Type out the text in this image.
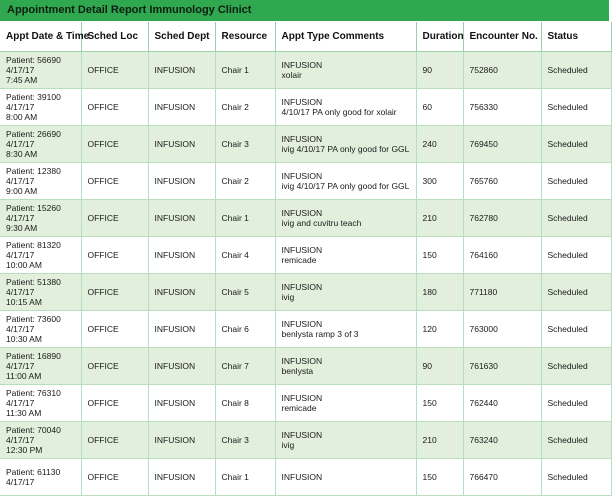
Appointment Detail Report Immunology Clinict
Appt Date & Time	Sched Loc	Sched Dept	Resource	Appt Type Comments	Duration	Encounter No.	Status

Patient: 56690
4/17/17
7:45 AM	OFFICE	INFUSION	Chair 1	INFUSION
xolair	90	752860	Scheduled

Patient: 39100
4/17/17
8:00 AM	OFFICE	INFUSION	Chair 2	INFUSION
4/10/17 PA only good for xolair	60	756330	Scheduled

Patient: 26690
4/17/17
8:30 AM	OFFICE	INFUSION	Chair 3	INFUSION
ivig 4/10/17 PA only good for GGL	240	769450	Scheduled

Patient: 12380
4/17/17
9:00 AM	OFFICE	INFUSION	Chair 2	INFUSION
ivig 4/10/17 PA only good for GGL	300	765760	Scheduled

Patient: 15260
4/17/17
9:30 AM	OFFICE	INFUSION	Chair 1	INFUSION
ivig and cuvitru teach	210	762780	Scheduled

Patient: 81320
4/17/17
10:00 AM	OFFICE	INFUSION	Chair 4	INFUSION
remicade	150	764160	Scheduled

Patient: 51380
4/17/17
10:15 AM	OFFICE	INFUSION	Chair 5	INFUSION
ivig	180	771180	Scheduled

Patient: 73600
4/17/17
10:30 AM	OFFICE	INFUSION	Chair 6	INFUSION
benlysta ramp 3 of 3	120	763000	Scheduled

Patient: 16890
4/17/17
11:00 AM	OFFICE	INFUSION	Chair 7	INFUSION
benlysta	90	761630	Scheduled

Patient: 76310
4/17/17
11:30 AM	OFFICE	INFUSION	Chair 8	INFUSION
remicade	150	762440	Scheduled

Patient: 70040
4/17/17
12:30 PM	OFFICE	INFUSION	Chair 3	INFUSION
ivig	210	763240	Scheduled

Patient: 61130
4/17/17	OFFICE	INFUSION	Chair 1	INFUSION	150	766470	Scheduled
